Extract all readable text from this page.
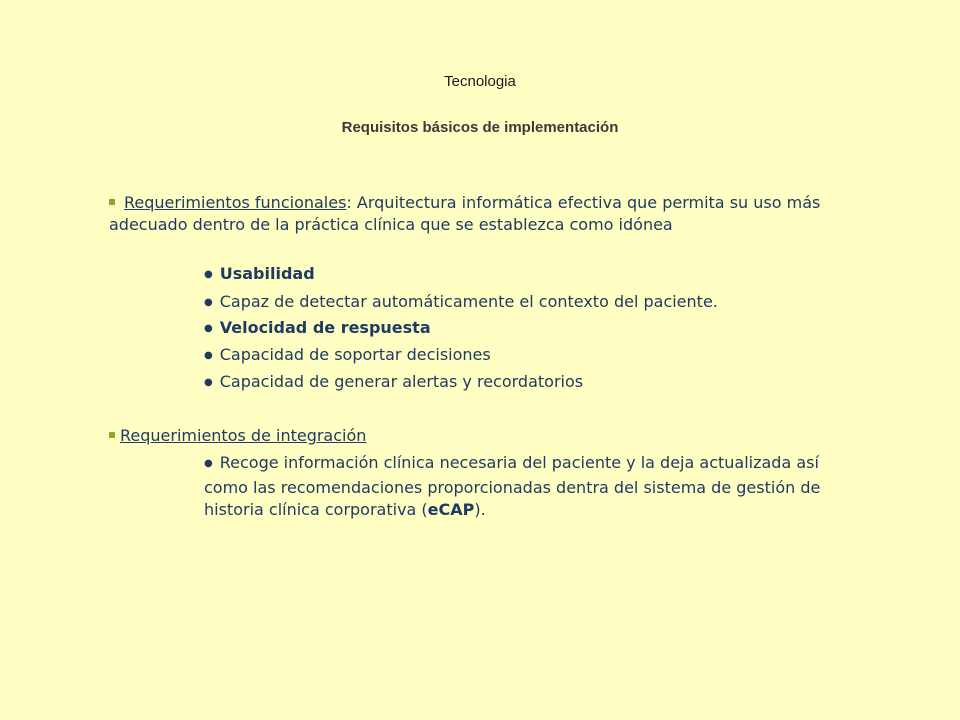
Tecnologia
Requisitos básicos de implementación
Requerimientos funcionales: Arquitectura informática efectiva que permita su uso más adecuado dentro de la práctica clínica que se establezca como idónea
● Usabilidad
● Capaz de detectar automáticamente el contexto del paciente.
● Velocidad de respuesta
● Capacidad de soportar decisiones
● Capacidad de generar alertas y recordatorios
Requerimientos de integración
● Recoge información clínica necesaria del paciente y la deja actualizada así como las recomendaciones proporcionadas dentra del sistema de gestión de historia clínica corporativa (eCAP).
